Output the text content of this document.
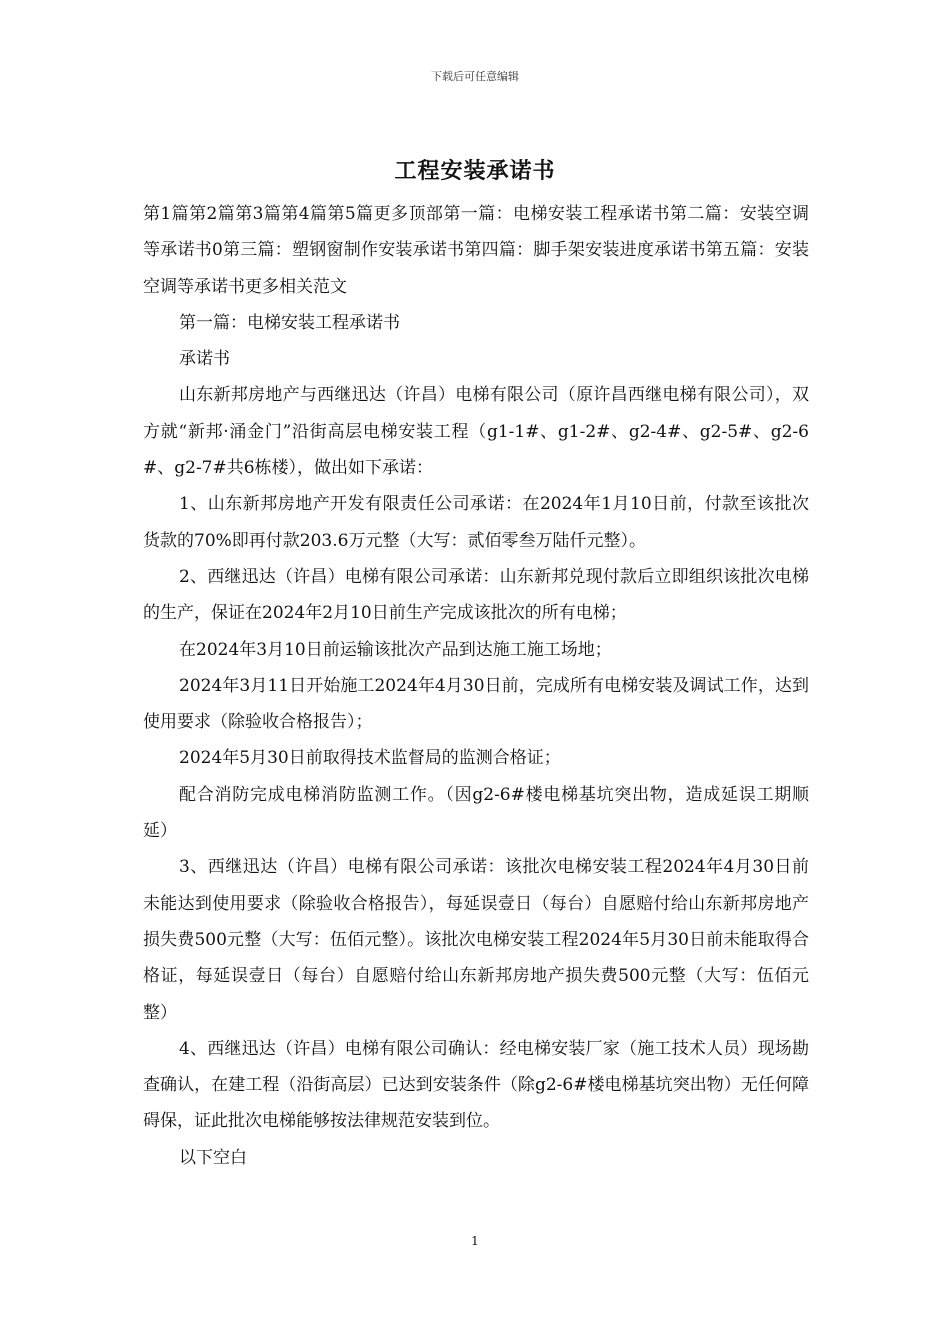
下载后可任意编辑
工程安装承诺书

第1篇第2篇第3篇第4篇第5篇更多顶部第一篇：电梯安装工程承诺书第二篇：安装空调等承诺书0第三篇：塑钢窗制作安装承诺书第四篇：脚手架安装进度承诺书第五篇：安装空调等承诺书更多相关范文

第一篇：电梯安装工程承诺书

承诺书

山东新邦房地产与西继迅达（许昌）电梯有限公司（原许昌西继电梯有限公司），双方就“新邦·涌金门”沿街高层电梯安装工程（g1-1#、g1-2#、g2-4#、g2-5#、g2-6#、g2-7#共6栋楼），做出如下承诺：

1、山东新邦房地产开发有限责任公司承诺：在2024年1月10日前，付款至该批次货款的70%即再付款203.6万元整（大写：贰佰零叁万陆仟元整）。

2、西继迅达（许昌）电梯有限公司承诺：山东新邦兑现付款后立即组织该批次电梯的生产，保证在2024年2月10日前生产完成该批次的所有电梯；

在2024年3月10日前运输该批次产品到达施工施工场地；

2024年3月11日开始施工2024年4月30日前，完成所有电梯安装及调试工作，达到使用要求（除验收合格报告）；

2024年5月30日前取得技术监督局的监测合格证；

配合消防完成电梯消防监测工作。（因g2-6#楼电梯基坑突出物，造成延误工期顺延）

3、西继迅达（许昌）电梯有限公司承诺：该批次电梯安装工程2024年4月30日前未能达到使用要求（除验收合格报告），每延误壹日（每台）自愿赔付给山东新邦房地产损失费500元整（大写：伍佰元整）。该批次电梯安装工程2024年5月30日前未能取得合格证，每延误壹日（每台）自愿赔付给山东新邦房地产损失费500元整（大写：伍佰元整）

4、西继迅达（许昌）电梯有限公司确认：经电梯安装厂家（施工技术人员）现场勘查确认，在建工程（沿街高层）已达到安装条件（除g2-6#楼电梯基坑突出物）无任何障碍保，证此批次电梯能够按法律规范安装到位。

以下空白

1
